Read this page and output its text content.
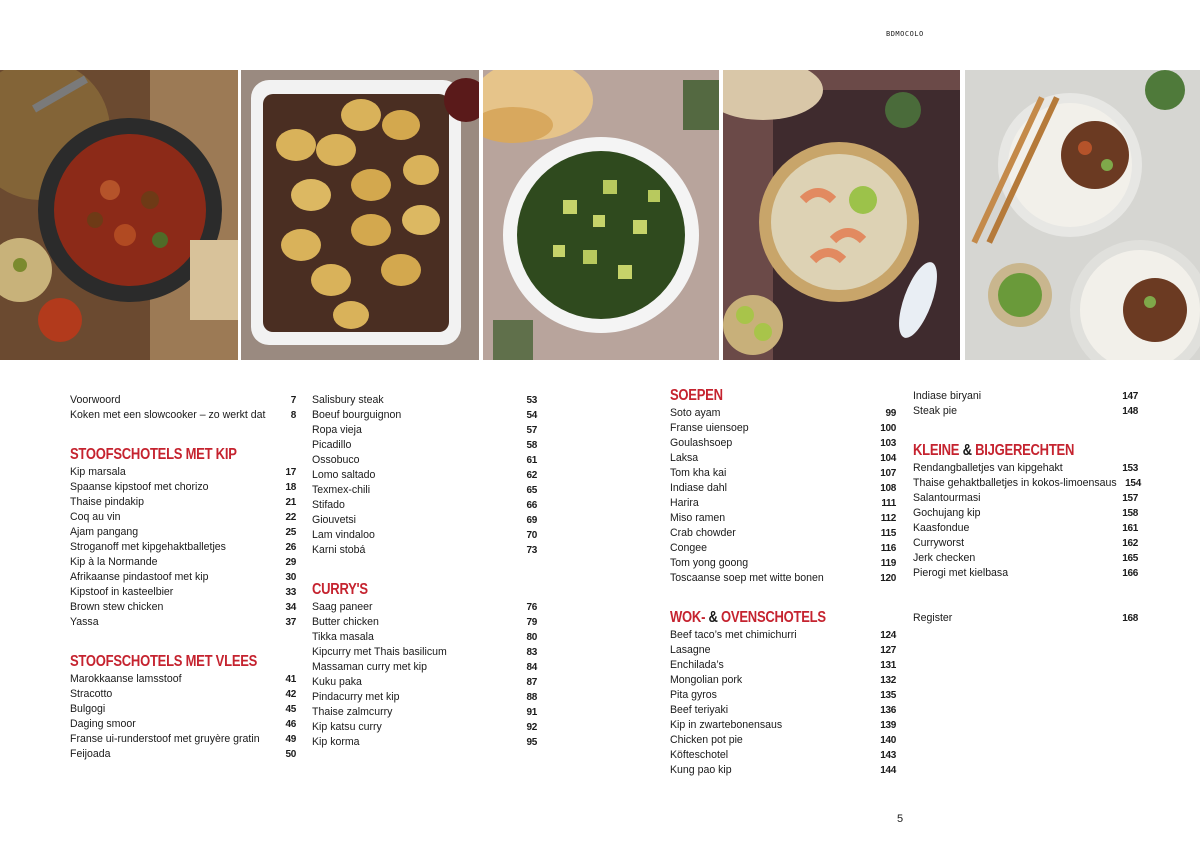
BDMOCOLO
Voorwoord	7
Koken met een slowcooker – zo werkt dat	8
STOOFSCHOTELS MET KIP
Kip marsala	17
Spaanse kipstoof met chorizo	18
Thaise pindakip	21
Coq au vin	22
Ajam pangang	25
Stroganoff met kipgehaktballetjes	26
Kip à la Normande	29
Afrikaanse pindastoof met kip	30
Kipstoof in kasteelbier	33
Brown stew chicken	34
Yassa	37
STOOFSCHOTELS MET VLEES
Marokkaanse lamsstoof	41
Stracotto	42
Bulgogi	45
Daging smoor	46
Franse ui-runderstoof met gruyère gratin	49
Feijoada	50
Salisbury steak	53
Boeuf bourguignon	54
Ropa vieja	57
Picadillo	58
Ossobuco	61
Lomo saltado	62
Texmex-chili	65
Stifado	66
Giouvetsi	69
Lam vindaloo	70
Karni stobá	73
CURRY'S
Saag paneer	76
Butter chicken	79
Tikka masala	80
Kipcurry met Thais basilicum	83
Massaman curry met kip	84
Kuku paka	87
Pindacurry met kip	88
Thaise zalmcurry	91
Kip katsu curry	92
Kip korma	95
SOEPEN
Soto ayam	99
Franse uiensoep	100
Goulashsoep	103
Laksa	104
Tom kha kai	107
Indiase dahl	108
Harira	111
Miso ramen	112
Crab chowder	115
Congee	116
Tom yong goong	119
Toscaanse soep met witte bonen	120
WOK- & OVENSCHOTELS
Beef taco’s met chimichurri	124
Lasagne	127
Enchilada’s	131
Mongolian pork	132
Pita gyros	135
Beef teriyaki	136
Kip in zwartebonensaus	139
Chicken pot pie	140
Köfteschotel	143
Kung pao kip	144
Indiase biryani	147
Steak pie	148
KLEINE & BIJGERECHTEN
Rendangballetjes van kipgehakt	153
Thaise gehaktballetjes in kokos-limoensaus 154
Salantourmasi	157
Gochujang kip	158
Kaasfondue	161
Curryworst	162
Jerk checken	165
Pierogi met kielbasa	166
Register	168
5
